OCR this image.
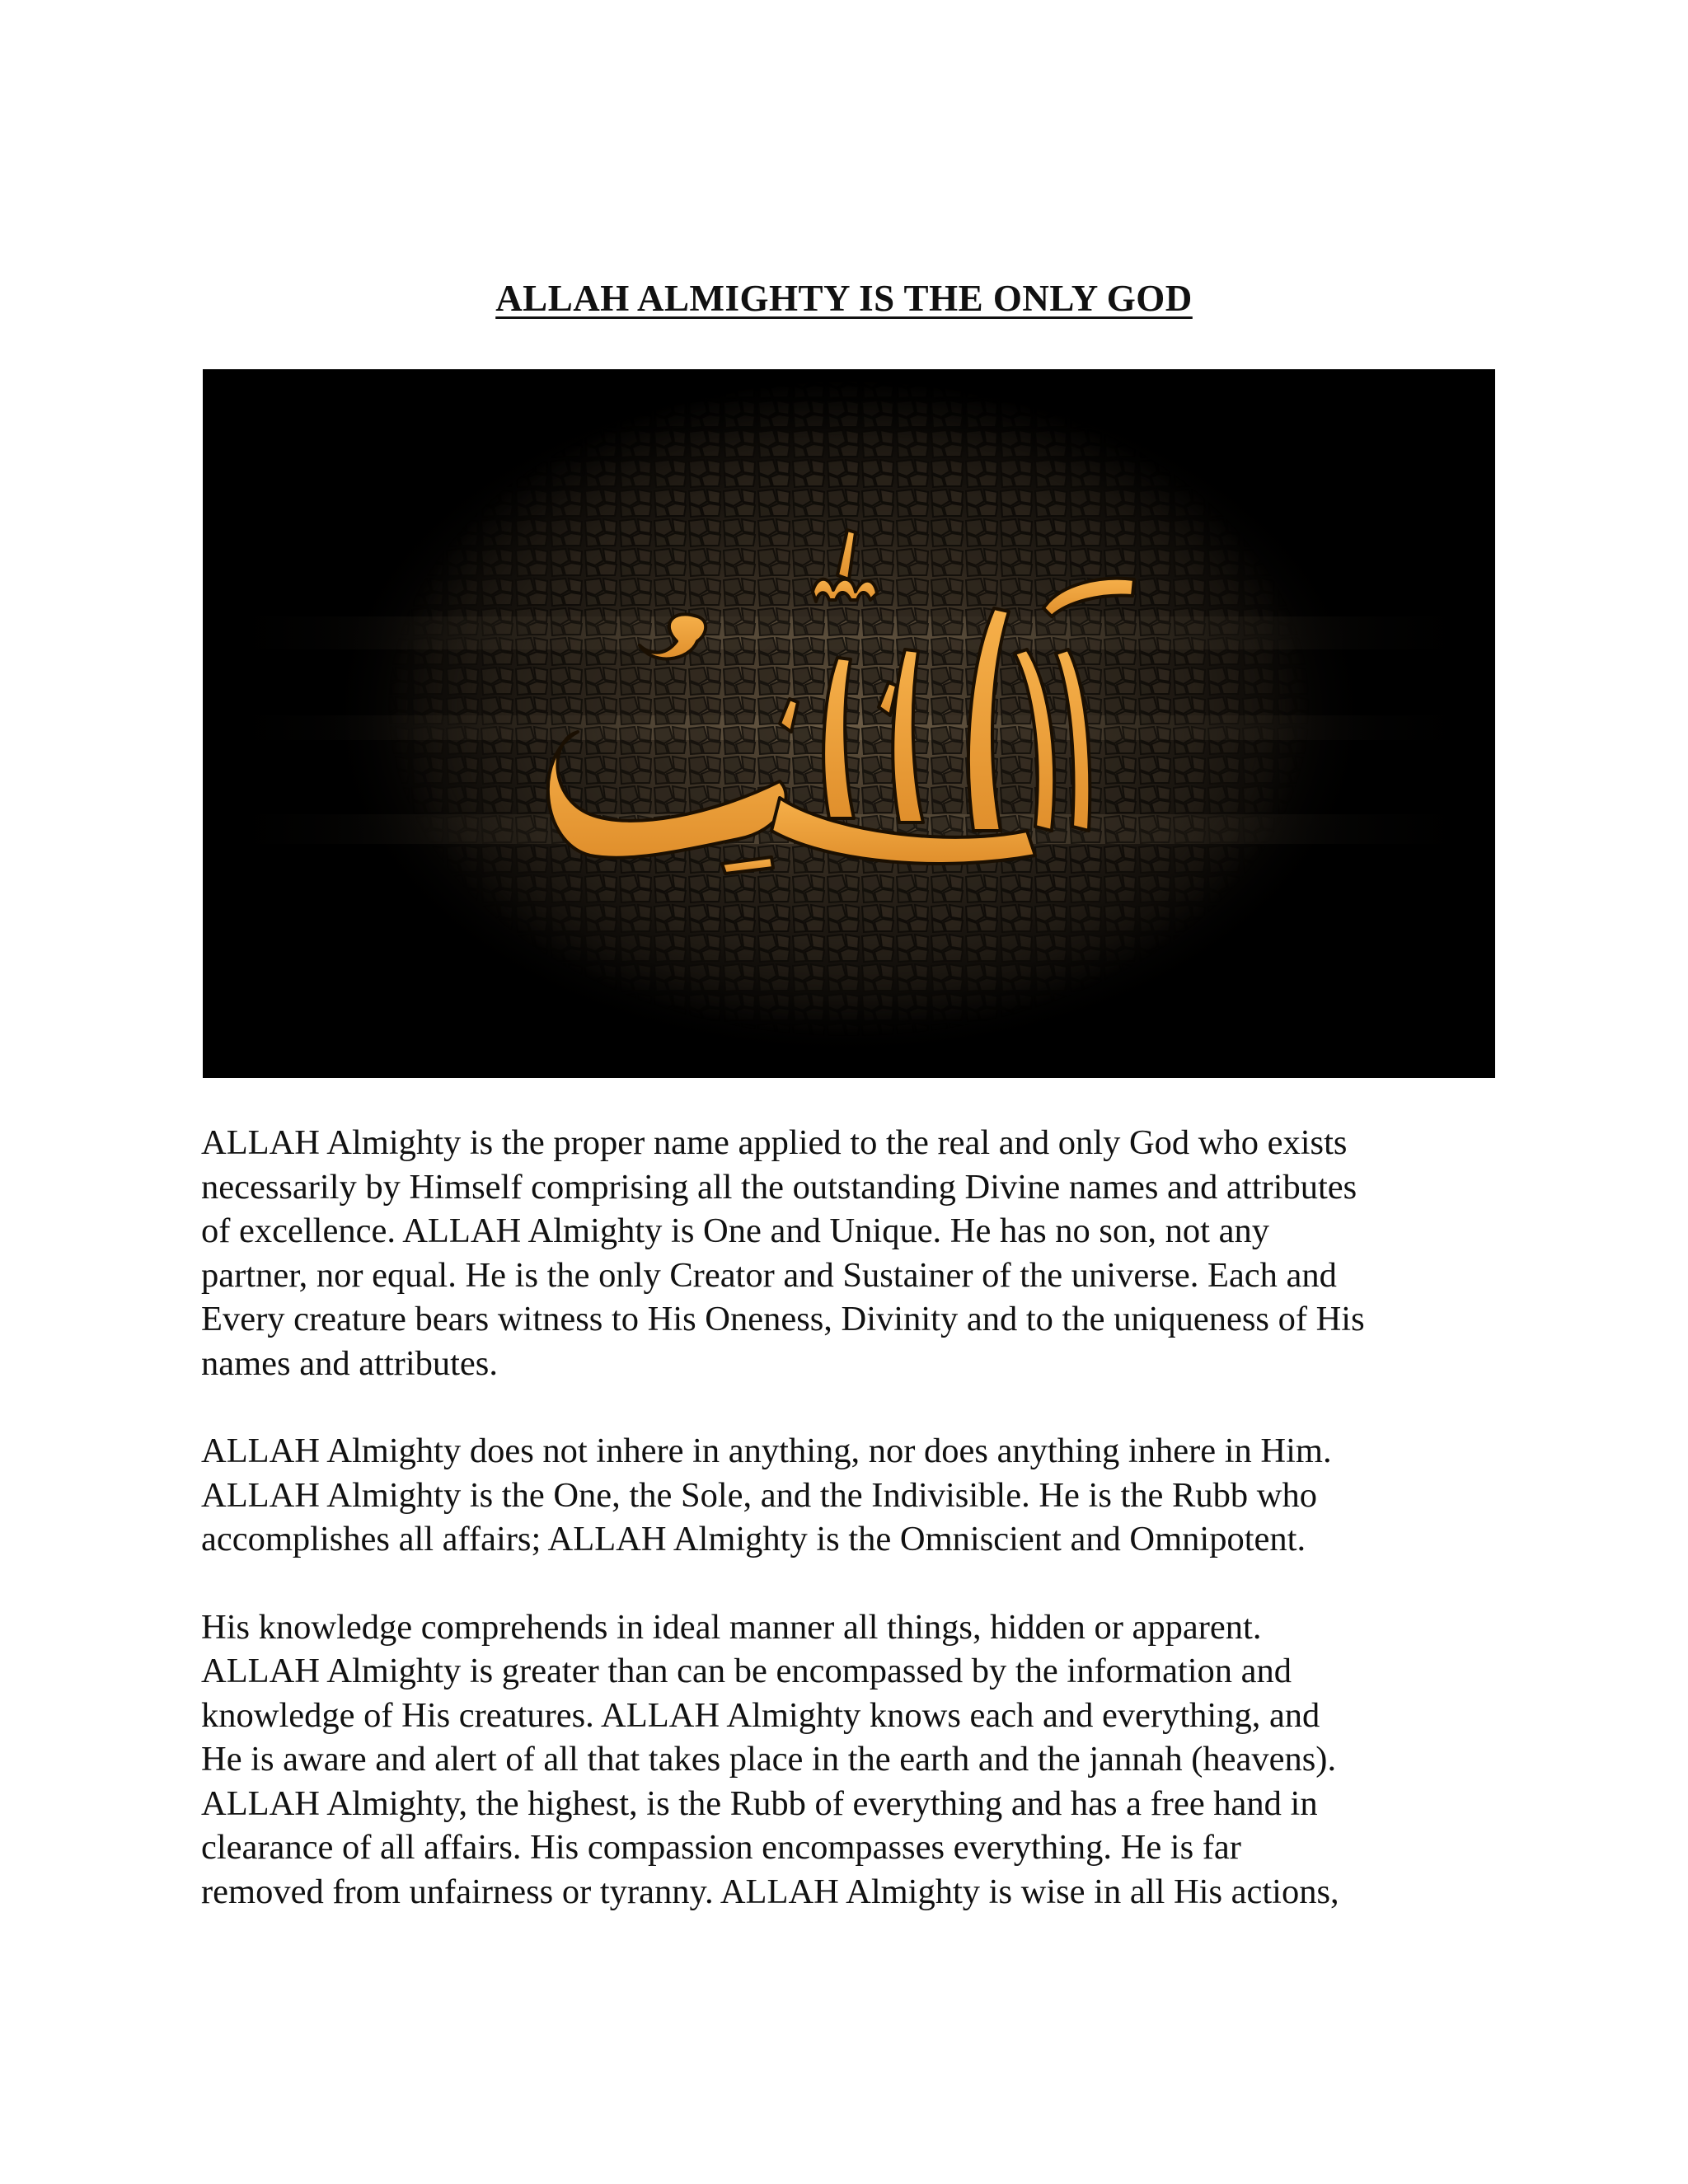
ALLAH ALMIGHTY IS THE ONLY GOD

ALLAH Almighty is the proper name applied to the real and only God who exists
necessarily by Himself comprising all the outstanding Divine names and attributes
of excellence. ALLAH Almighty is One and Unique. He has no son, not any
partner, nor equal. He is the only Creator and Sustainer of the universe. Each and
Every creature bears witness to His Oneness, Divinity and to the uniqueness of His
names and attributes.

ALLAH Almighty does not inhere in anything, nor does anything inhere in Him.
ALLAH Almighty is the One, the Sole, and the Indivisible. He is the Rubb who
accomplishes all affairs; ALLAH Almighty is the Omniscient and Omnipotent.

His knowledge comprehends in ideal manner all things, hidden or apparent.
ALLAH Almighty is greater than can be encompassed by the information and
knowledge of His creatures. ALLAH Almighty knows each and everything, and
He is aware and alert of all that takes place in the earth and the jannah (heavens).
ALLAH Almighty, the highest, is the Rubb of everything and has a free hand in
clearance of all affairs. His compassion encompasses everything. He is far
removed from unfairness or tyranny. ALLAH Almighty is wise in all His actions,
